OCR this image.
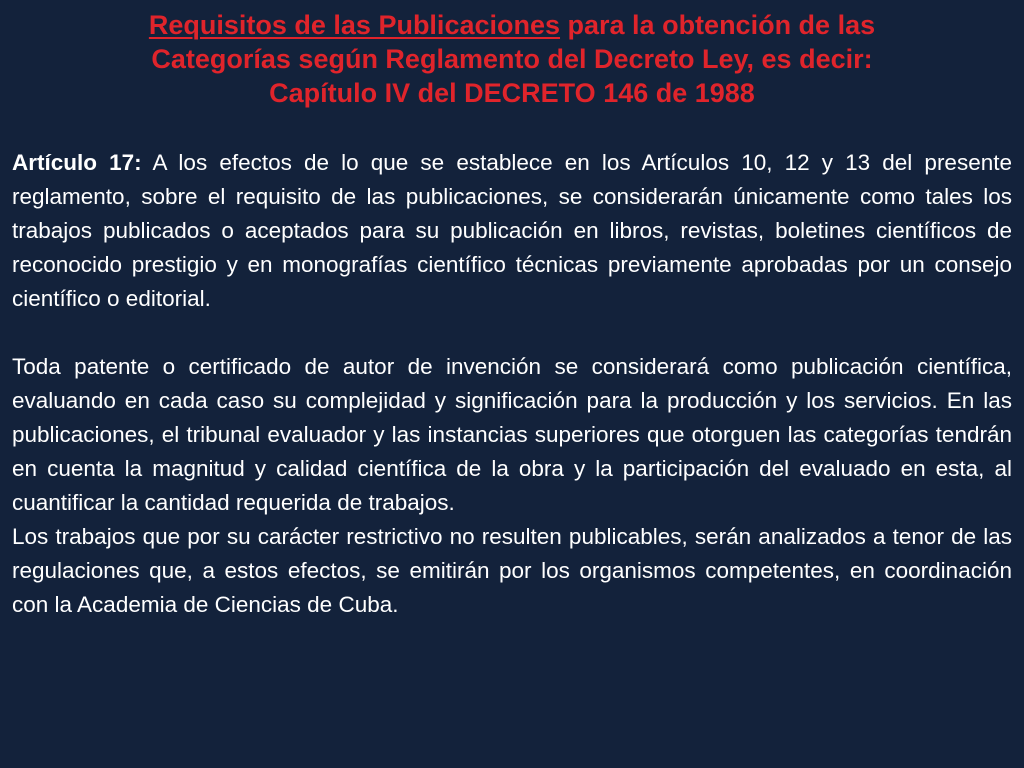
Requisitos de las Publicaciones para la obtención de las
Categorías según Reglamento del Decreto Ley, es decir:
Capítulo IV del DECRETO 146 de 1988

Artículo 17: A los efectos de lo que se establece en los Artículos 10, 12 y 13 del presente reglamento, sobre el requisito de las publicaciones, se considerarán únicamente como tales los trabajos publicados o aceptados para su publicación en libros, revistas, boletines científicos de reconocido prestigio y en monografías científico técnicas previamente aprobadas por un consejo científico o editorial.

Toda patente o certificado de autor de invención se considerará como publicación científica, evaluando en cada caso su complejidad y significación para la producción y los servicios. En las publicaciones, el tribunal evaluador y las instancias superiores que otorguen las categorías tendrán en cuenta la magnitud y calidad científica de la obra y la participación del evaluado en esta, al cuantificar la cantidad requerida de trabajos.

Los trabajos que por su carácter restrictivo no resulten publicables, serán analizados a tenor de las regulaciones que, a estos efectos, se emitirán por los organismos competentes, en coordinación con la Academia de Ciencias de Cuba.
